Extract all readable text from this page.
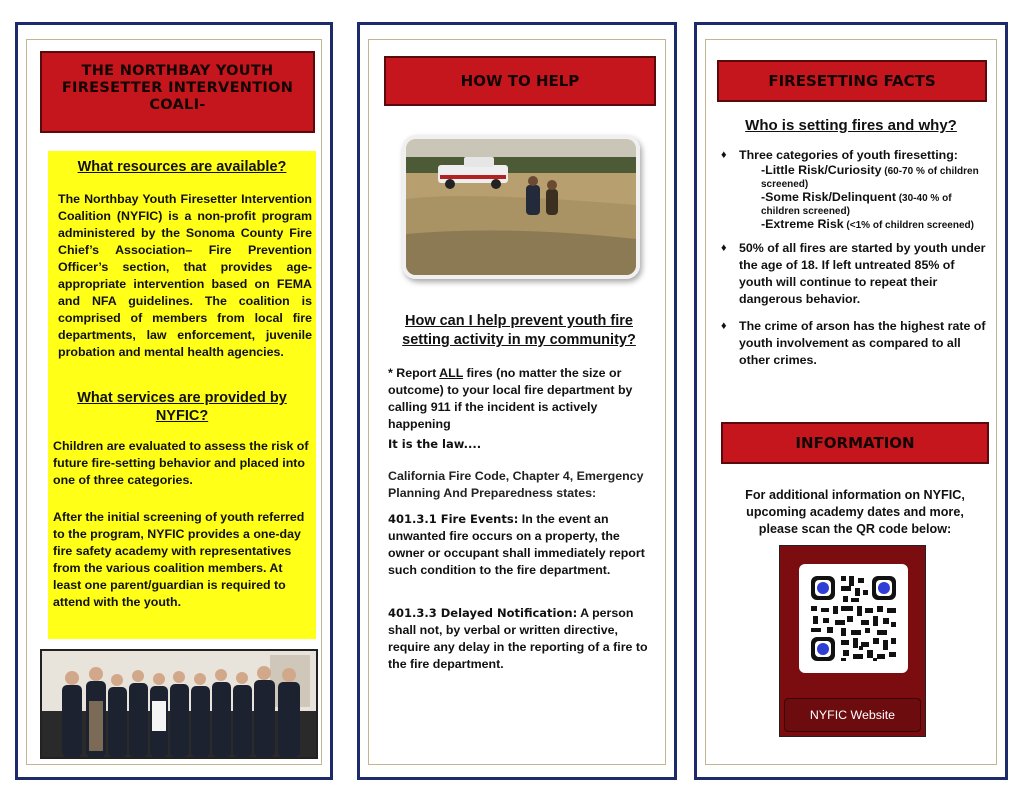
THE NORTHBAY YOUTH FIRESETTER INTERVENTION COALI-
What resources are available?
The Northbay Youth Firesetter Intervention Coalition (NYFIC) is a non-profit program administered by the Sonoma County Fire Chief’s Association– Fire Prevention Officer’s section, that provides age-appropriate intervention based on FEMA and NFA guidelines. The coalition is comprised of members from local fire departments, law enforcement, juvenile probation and mental health agencies.
What services are provided by NYFIC?
Children are evaluated to assess the risk of future fire-setting behavior and placed into one of three categories.
After the initial screening of youth referred to the program, NYFIC provides a one-day fire safety academy with representatives from the various coalition members. At least one parent/guardian is required to attend with the youth.
HOW TO HELP
How can I help prevent youth fire setting activity in my community?
* Report ALL fires (no matter the size or outcome) to your local fire department by calling 911 if the incident is actively happening
It is the law....
California Fire Code, Chapter 4, Emergency Planning And Preparedness states:
401.3.1 Fire Events: In the event an unwanted fire occurs on a property, the owner or occupant shall immediately report such condition to the fire department.
401.3.3 Delayed Notification: A person shall not, by verbal or written directive, require any delay in the reporting of a fire to the fire department.
FIRESETTING FACTS
Who is setting fires and why?
♦ Three categories of youth firesetting:
-Little Risk/Curiosity (60-70 % of children screened)
-Some Risk/Delinquent (30-40 % of children screened)
-Extreme Risk (<1% of children screened)
♦ 50% of all fires are started by youth under the age of 18. If left untreated 85% of youth will continue to repeat their dangerous behavior.
♦ The crime of arson has the highest rate of youth involvement as compared to all other crimes.
INFORMATION
For additional information on NYFIC, upcoming academy dates and more, please scan the QR code below:
NYFIC Website
